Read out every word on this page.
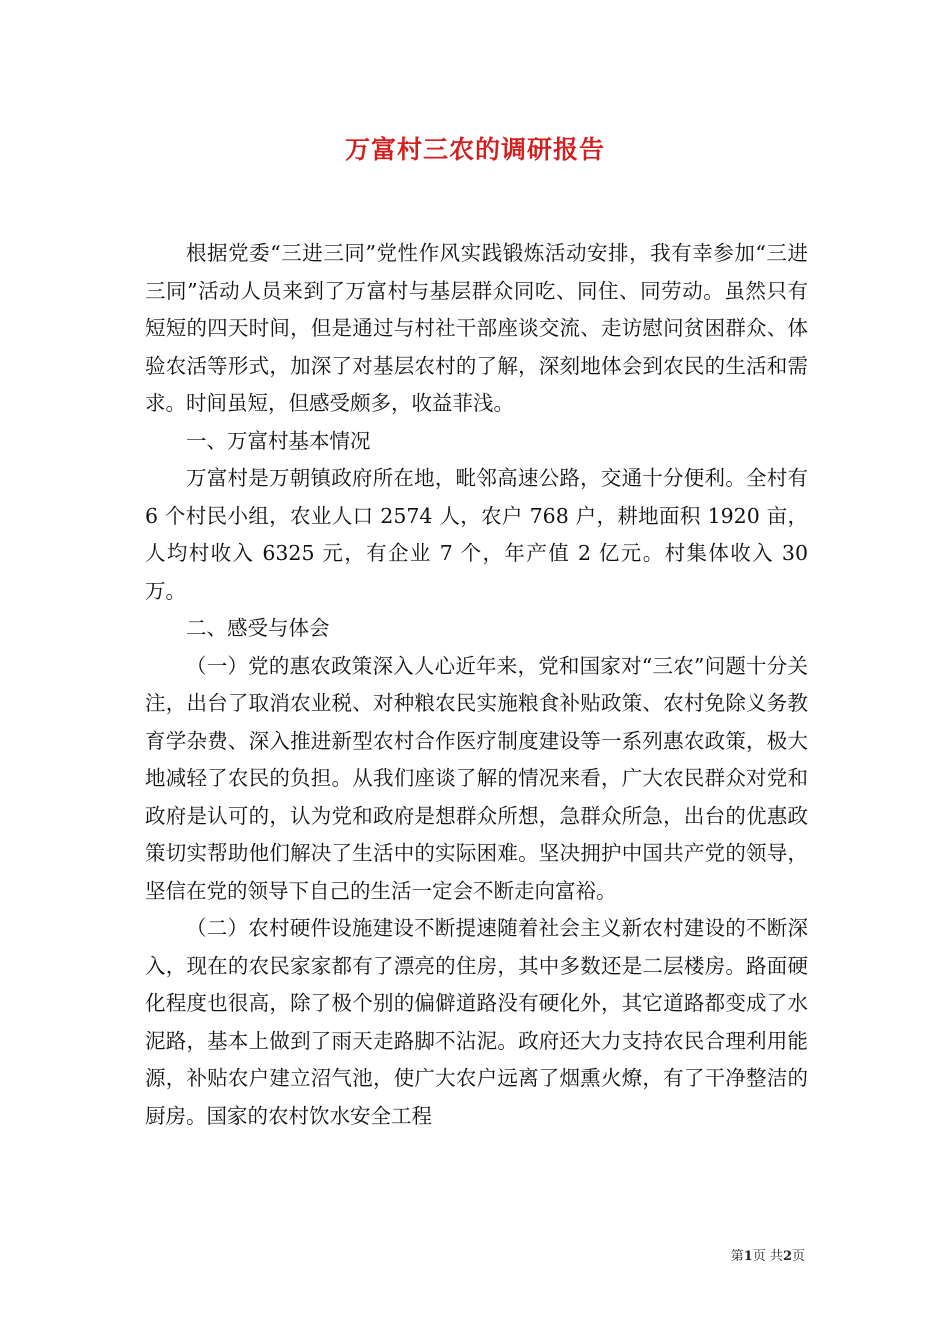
万富村三农的调研报告

根据党委“三进三同”党性作风实践锻炼活动安排，我有幸参加“三进三同”活动人员来到了万富村与基层群众同吃、同住、同劳动。虽然只有短短的四天时间，但是通过与村社干部座谈交流、走访慰问贫困群众、体验农活等形式，加深了对基层农村的了解，深刻地体会到农民的生活和需求。时间虽短，但感受颇多，收益菲浅。

一、万富村基本情况

万富村是万朝镇政府所在地，毗邻高速公路，交通十分便利。全村有 6 个村民小组，农业人口 2574 人，农户 768 户，耕地面积 1920 亩，人均村收入 6325 元，有企业 7 个，年产值 2 亿元。村集体收入 30 万。

二、感受与体会

（一）党的惠农政策深入人心近年来，党和国家对“三农”问题十分关注，出台了取消农业税、对种粮农民实施粮食补贴政策、农村免除义务教育学杂费、深入推进新型农村合作医疗制度建设等一系列惠农政策，极大地减轻了农民的负担。从我们座谈了解的情况来看，广大农民群众对党和政府是认可的，认为党和政府是想群众所想，急群众所急，出台的优惠政策切实帮助他们解决了生活中的实际困难。坚决拥护中国共产党的领导，坚信在党的领导下自己的生活一定会不断走向富裕。

（二）农村硬件设施建设不断提速随着社会主义新农村建设的不断深入，现在的农民家家都有了漂亮的住房，其中多数还是二层楼房。路面硬化程度也很高，除了极个别的偏僻道路没有硬化外，其它道路都变成了水泥路，基本上做到了雨天走路脚不沾泥。政府还大力支持农民合理利用能源，补贴农户建立沼气池，使广大农户远离了烟熏火燎，有了干净整洁的厨房。国家的农村饮水安全工程

第1页 共2页
